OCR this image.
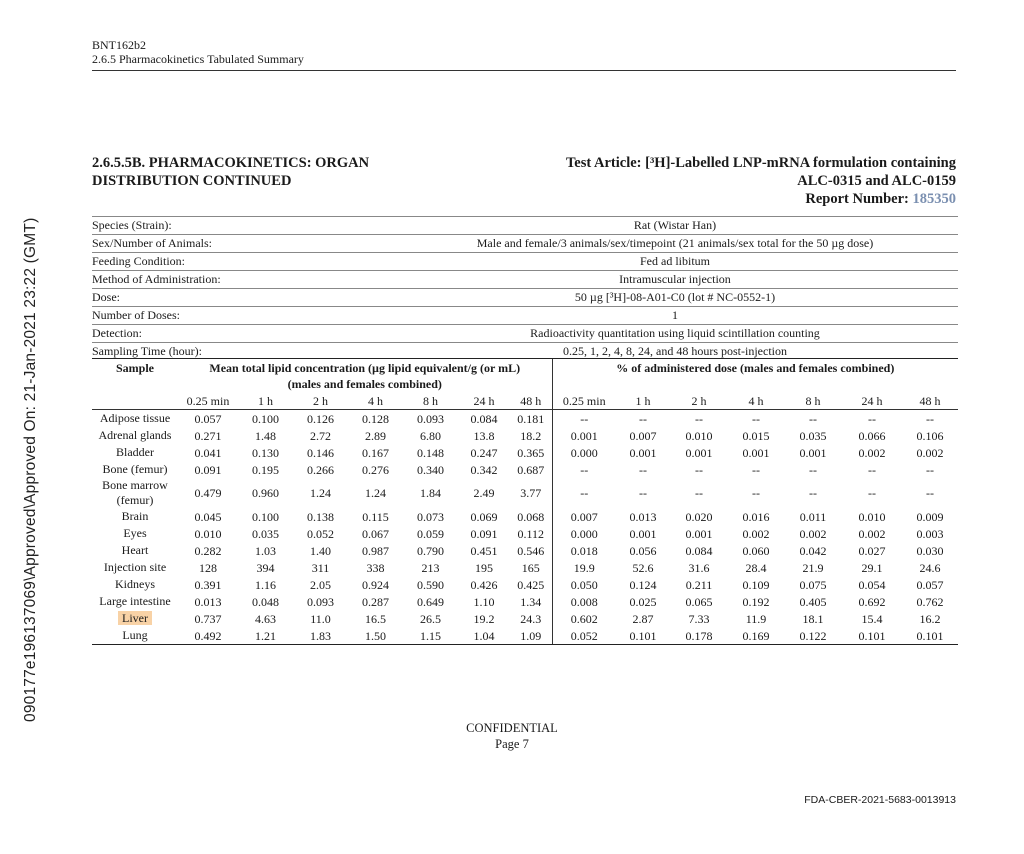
090177e196137069\Approved\Approved On: 21-Jan-2021 23:22 (GMT)
BNT162b2
2.6.5 Pharmacokinetics Tabulated Summary
2.6.5.5B. PHARMACOKINETICS: ORGAN
DISTRIBUTION CONTINUED
Test Article: [³H]-Labelled LNP-mRNA formulation containing
ALC-0315 and ALC-0159
Report Number: 185350
Species (Strain):	Rat (Wistar Han)
Sex/Number of Animals:	Male and female/3 animals/sex/timepoint (21 animals/sex total for the 50 µg dose)
Feeding Condition:	Fed ad libitum
Method of Administration:	Intramuscular injection
Dose:	50 µg [³H]-08-A01-C0 (lot # NC-0552-1)
Number of Doses:	1
Detection:	Radioactivity quantitation using liquid scintillation counting
Sampling Time (hour):	0.25, 1, 2, 4, 8, 24, and 48 hours post-injection
Sample	Mean total lipid concentration (µg lipid equivalent/g (or mL)
(males and females combined)							% of administered dose (males and females combined)						

	0.25 min	1 h	2 h	4 h	8 h	24 h	48 h	0.25 min	1 h	2 h	4 h	8 h	24 h	48 h
Adipose tissue	0.057	0.100	0.126	0.128	0.093	0.084	0.181	--	--	--	--	--	--	--
Adrenal glands	0.271	1.48	2.72	2.89	6.80	13.8	18.2	0.001	0.007	0.010	0.015	0.035	0.066	0.106
Bladder	0.041	0.130	0.146	0.167	0.148	0.247	0.365	0.000	0.001	0.001	0.001	0.001	0.002	0.002
Bone (femur)	0.091	0.195	0.266	0.276	0.340	0.342	0.687	--	--	--	--	--	--	--
Bone marrow (femur)	0.479	0.960	1.24	1.24	1.84	2.49	3.77	--	--	--	--	--	--	--
Brain	0.045	0.100	0.138	0.115	0.073	0.069	0.068	0.007	0.013	0.020	0.016	0.011	0.010	0.009
Eyes	0.010	0.035	0.052	0.067	0.059	0.091	0.112	0.000	0.001	0.001	0.002	0.002	0.002	0.003
Heart	0.282	1.03	1.40	0.987	0.790	0.451	0.546	0.018	0.056	0.084	0.060	0.042	0.027	0.030
Injection site	128	394	311	338	213	195	165	19.9	52.6	31.6	28.4	21.9	29.1	24.6
Kidneys	0.391	1.16	2.05	0.924	0.590	0.426	0.425	0.050	0.124	0.211	0.109	0.075	0.054	0.057
Large intestine	0.013	0.048	0.093	0.287	0.649	1.10	1.34	0.008	0.025	0.065	0.192	0.405	0.692	0.762
Liver	0.737	4.63	11.0	16.5	26.5	19.2	24.3	0.602	2.87	7.33	11.9	18.1	15.4	16.2
Lung	0.492	1.21	1.83	1.50	1.15	1.04	1.09	0.052	0.101	0.178	0.169	0.122	0.101	0.101
CONFIDENTIAL
Page 7
FDA-CBER-2021-5683-0013913
